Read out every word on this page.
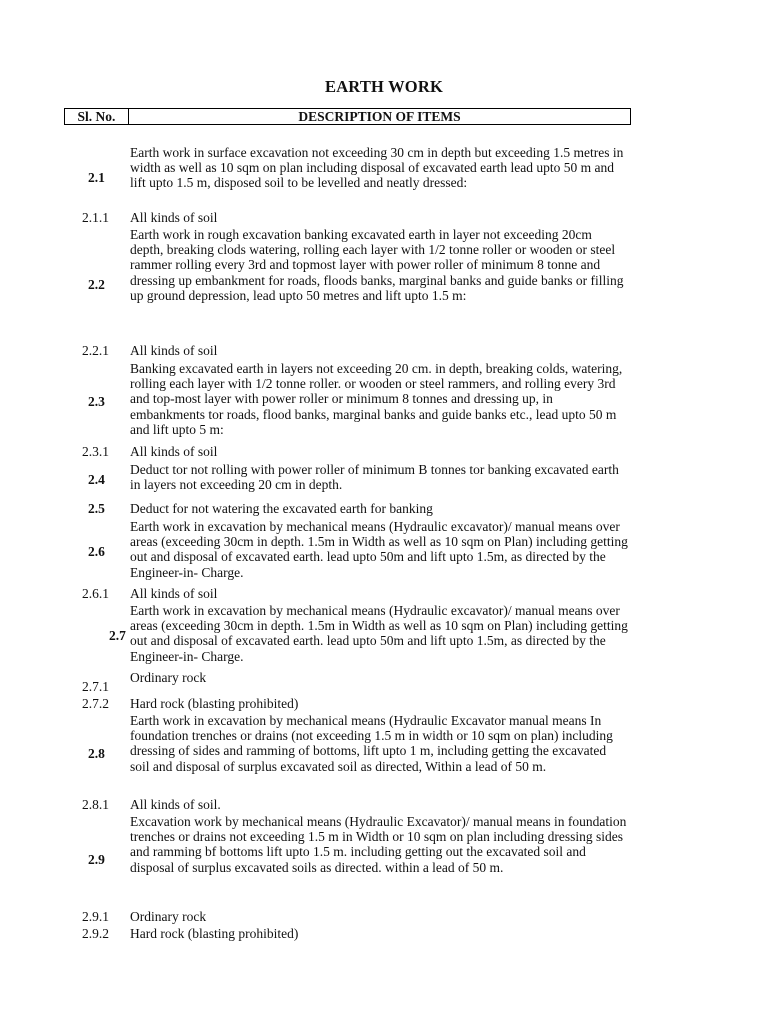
EARTH WORK
Sl. No.	DESCRIPTION OF ITEMS
2.1
Earth work in surface excavation not exceeding 30 cm in depth but exceeding 1.5 metres in width as well as 10 sqm on plan including disposal of excavated earth lead upto 50 m and lift upto 1.5 m, disposed soil to be levelled and neatly dressed:
2.1.1 All kinds of soil
2.2
Earth work in rough excavation banking excavated earth in layer not exceeding 20cm depth, breaking clods watering, rolling each layer with 1/2 tonne roller or wooden or steel rammer rolling every 3rd and topmost layer with power roller of minimum 8 tonne and dressing up embankment for roads, floods banks, marginal banks and guide banks or filling up ground depression, lead upto 50 metres and lift upto 1.5 m:
2.2.1 All kinds of soil
2.3
Banking excavated earth in layers not exceeding 20 cm. in depth, breaking colds, watering, rolling each layer with 1/2 tonne roller. or wooden or steel rammers, and rolling every 3rd and top-most layer with power roller or minimum 8 tonnes and dressing up, in embankments tor roads, flood banks, marginal banks and guide banks etc., lead upto 50 m and lift upto 5 m:
2.3.1 All kinds of soil
2.4
Deduct tor not rolling with power roller of minimum B tonnes tor banking excavated earth in layers not exceeding 20 cm in depth.
2.5 Deduct for not watering the excavated earth for banking
2.6
Earth work in excavation by mechanical means (Hydraulic excavator)/ manual means over areas (exceeding 30cm in depth. 1.5m in Width as well as 10 sqm on Plan) including getting out and disposal of excavated earth. lead upto 50m and lift upto 1.5m, as directed by the Engineer-in- Charge.
2.6.1 All kinds of soil
2.7
Earth work in excavation by mechanical means (Hydraulic excavator)/ manual means over areas (exceeding 30cm in depth. 1.5m in Width as well as 10 sqm on Plan) including getting out and disposal of excavated earth. lead upto 50m and lift upto 1.5m, as directed by the Engineer-in- Charge.
2.7.1
Ordinary rock
2.7.2 Hard rock (blasting prohibited)
2.8
Earth work in excavation by mechanical means (Hydraulic Excavator manual means In foundation trenches or drains (not exceeding 1.5 m in width or 10 sqm on plan) including dressing of sides and ramming of bottoms, lift upto 1 m, including getting the excavated soil and disposal of surplus excavated soil as directed, Within a lead of 50 m.
2.8.1 All kinds of soil.
2.9
Excavation work by mechanical means (Hydraulic Excavator)/ manual means in foundation trenches or drains not exceeding 1.5 m in Width or 10 sqm on plan including dressing sides and ramming bf bottoms lift upto 1.5 m. including getting out the excavated soil and disposal of surplus excavated soils as directed. within a lead of 50 m.
2.9.1 Ordinary rock
2.9.2 Hard rock (blasting prohibited)
